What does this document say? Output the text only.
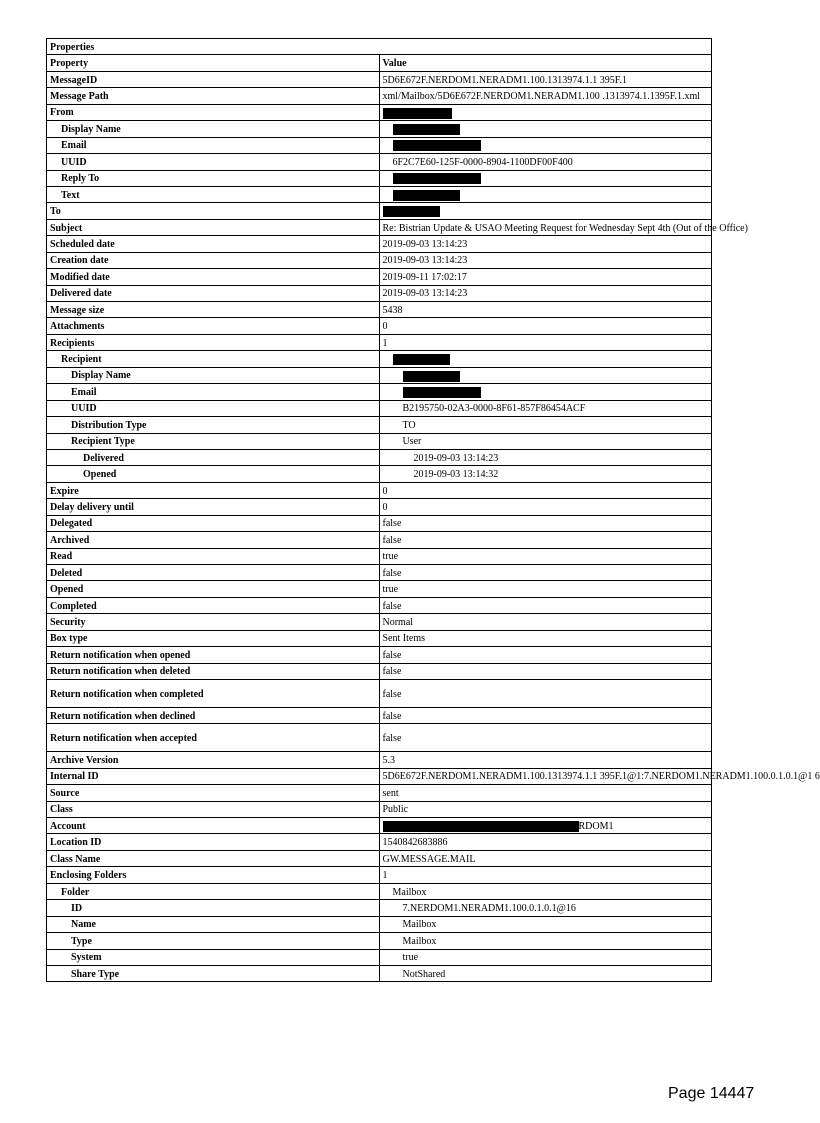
Properties	
Property	Value
MessageID	5D6E672F.NERDOM1.NERADM1.100.1313974.1.1 395F.1
Message Path	xml/Mailbox/5D6E672F.NERDOM1.NERADM1.100 .1313974.1.1395F.1.xml
From	
Display Name	
Email	
UUID	6F2C7E60-125F-0000-8904-1100DF00F400
Reply To	
Text	
To	
Subject	Re: Bistrian Update & USAO Meeting Request for Wednesday Sept 4th (Out of the Office)
Scheduled date	2019-09-03 13:14:23
Creation date	2019-09-03 13:14:23
Modified date	2019-09-11 17:02:17
Delivered date	2019-09-03 13:14:23
Message size	5438
Attachments	0
Recipients	1
Recipient	
Display Name	
Email	
UUID	B2195750-02A3-0000-8F61-857F86454ACF
Distribution Type	TO
Recipient Type	User
Delivered	2019-09-03 13:14:23
Opened	2019-09-03 13:14:32
Expire	0
Delay delivery until	0
Delegated	false
Archived	false
Read	true
Deleted	false
Opened	true
Completed	false
Security	Normal
Box type	Sent Items
Return notification when opened	false
Return notification when deleted	false
Return notification when completed	false
Return notification when declined	false
Return notification when accepted	false
Archive Version	5.3
Internal ID	5D6E672F.NERDOM1.NERADM1.100.1313974.1.1 395F.1@1:7.NERDOM1.NERADM1.100.0.1.0.1@1 6
Source	sent
Class	Public
Account	RDOM1
Location ID	1540842683886
Class Name	GW.MESSAGE.MAIL
Enclosing Folders	1
Folder	Mailbox
ID	7.NERDOM1.NERADM1.100.0.1.0.1@16
Name	Mailbox
Type	Mailbox
System	true
Share Type	NotShared
Page 14447
